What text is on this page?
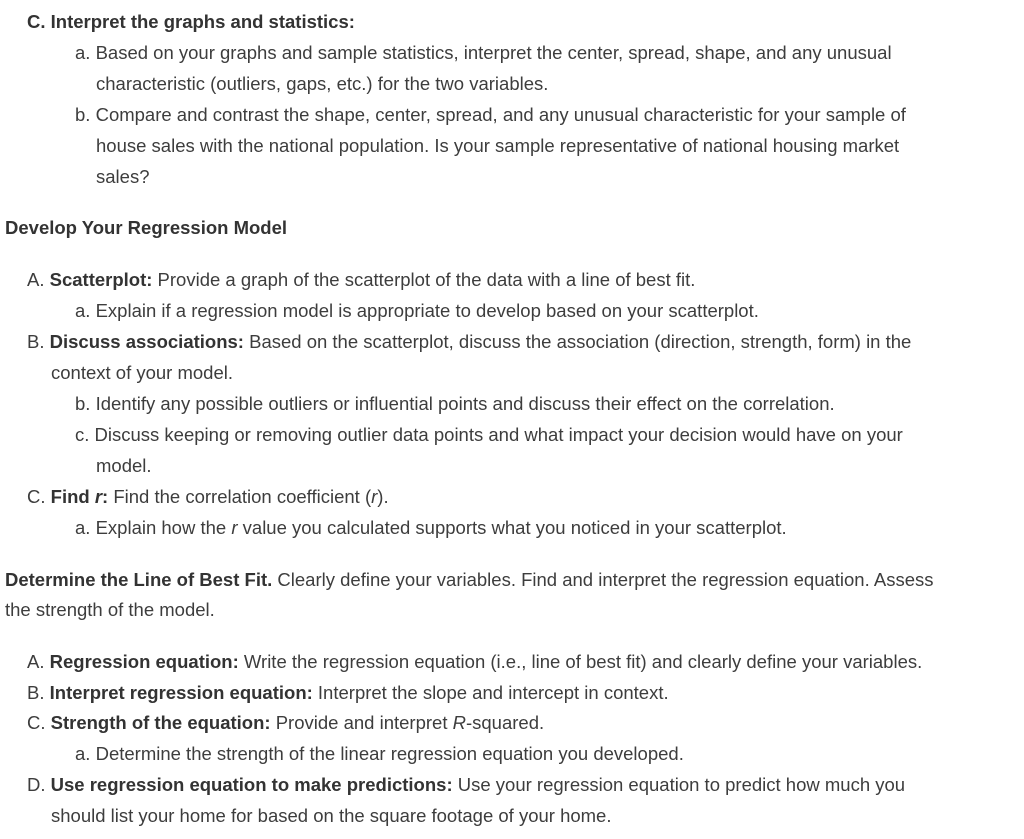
C. Interpret the graphs and statistics:
a. Based on your graphs and sample statistics, interpret the center, spread, shape, and any unusual
characteristic (outliers, gaps, etc.) for the two variables.
b. Compare and contrast the shape, center, spread, and any unusual characteristic for your sample of
house sales with the national population. Is your sample representative of national housing market
sales?
Develop Your Regression Model
A. Scatterplot: Provide a graph of the scatterplot of the data with a line of best fit.
a. Explain if a regression model is appropriate to develop based on your scatterplot.
B. Discuss associations: Based on the scatterplot, discuss the association (direction, strength, form) in the
context of your model.
b. Identify any possible outliers or influential points and discuss their effect on the correlation.
c. Discuss keeping or removing outlier data points and what impact your decision would have on your
model.
C. Find r: Find the correlation coefficient (r).
a. Explain how the r value you calculated supports what you noticed in your scatterplot.
Determine the Line of Best Fit. Clearly define your variables. Find and interpret the regression equation. Assess
the strength of the model.
A. Regression equation: Write the regression equation (i.e., line of best fit) and clearly define your variables.
B. Interpret regression equation: Interpret the slope and intercept in context.
C. Strength of the equation: Provide and interpret R-squared.
a. Determine the strength of the linear regression equation you developed.
D. Use regression equation to make predictions: Use your regression equation to predict how much you
should list your home for based on the square footage of your home.
